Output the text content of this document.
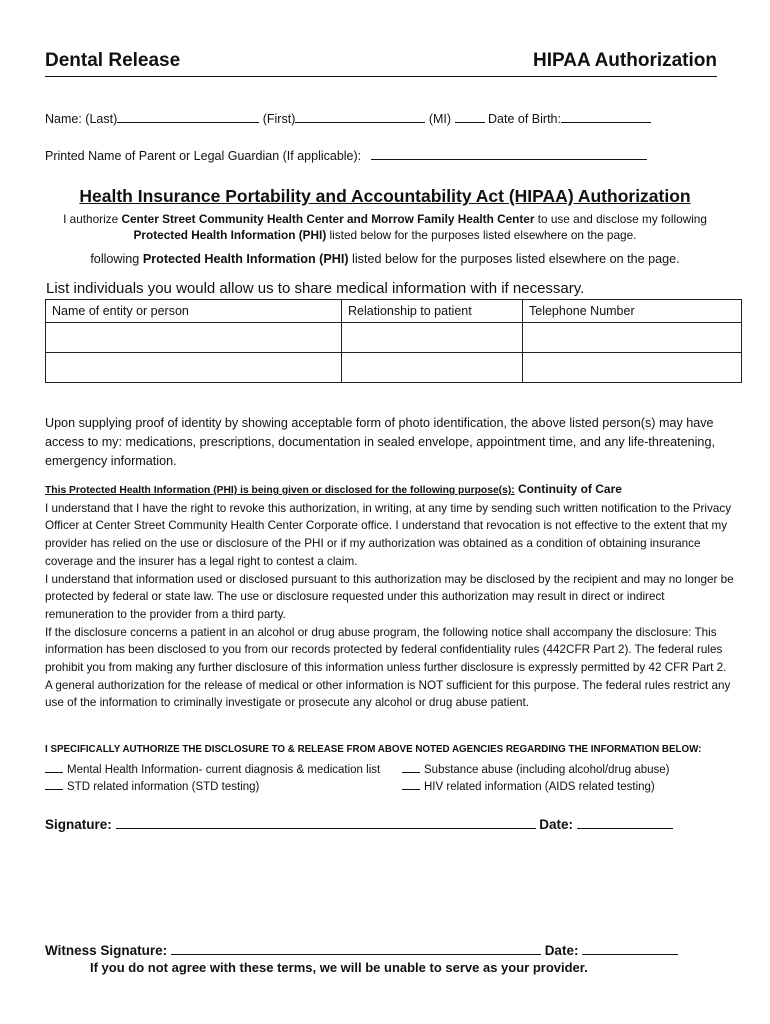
Dental Release	HIPAA Authorization
Name: (Last)	(First)	(MI)	Date of Birth:
Printed Name of Parent or Legal Guardian (If applicable):
Health Insurance Portability and Accountability Act (HIPAA) Authorization
I authorize Center Street Community Health Center and Morrow Family Health Center to use and disclose my following
Protected Health Information (PHI) listed below for the purposes listed elsewhere on the page.
following Protected Health Information (PHI) listed below for the purposes listed elsewhere on the page.
List individuals you would allow us to share medical information with if necessary.
Name of entity or person	Relationship to patient	Telephone Number

Upon supplying proof of identity by showing acceptable form of photo identification, the above listed person(s) may have access to my: medications, prescriptions, documentation in sealed envelope, appointment time, and any life-threatening, emergency information.
This Protected Health Information (PHI) is being given or disclosed for the following purpose(s): Continuity of Care
I understand that I have the right to revoke this authorization, in writing, at any time by sending such written notification to the Privacy Officer at Center Street Community Health Center Corporate office. I understand that revocation is not effective to the extent that my provider has relied on the use or disclosure of the PHI or if my authorization was obtained as a condition of obtaining insurance coverage and the insurer has a legal right to contest a claim.
I understand that information used or disclosed pursuant to this authorization may be disclosed by the recipient and may no longer be protected by federal or state law. The use or disclosure requested under this authorization may result in direct or indirect remuneration to the provider from a third party.
If the disclosure concerns a patient in an alcohol or drug abuse program, the following notice shall accompany the disclosure: This information has been disclosed to you from our records protected by federal confidentiality rules (442CFR Part 2). The federal rules prohibit you from making any further disclosure of this information unless further disclosure is expressly permitted by 42 CFR Part 2. A general authorization for the release of medical or other information is NOT sufficient for this purpose. The federal rules restrict any use of the information to criminally investigate or prosecute any alcohol or drug abuse patient.
I SPECIFICALLY AUTHORIZE THE DISCLOSURE TO & RELEASE FROM ABOVE NOTED AGENCIES REGARDING THE INFORMATION BELOW:
Mental Health Information- current diagnosis & medication list	Substance abuse (including alcohol/drug abuse)
STD related information (STD testing)	HIV related information (AIDS related testing)
Signature:	Date:
Witness Signature:	Date:
If you do not agree with these terms, we will be unable to serve as your provider.
